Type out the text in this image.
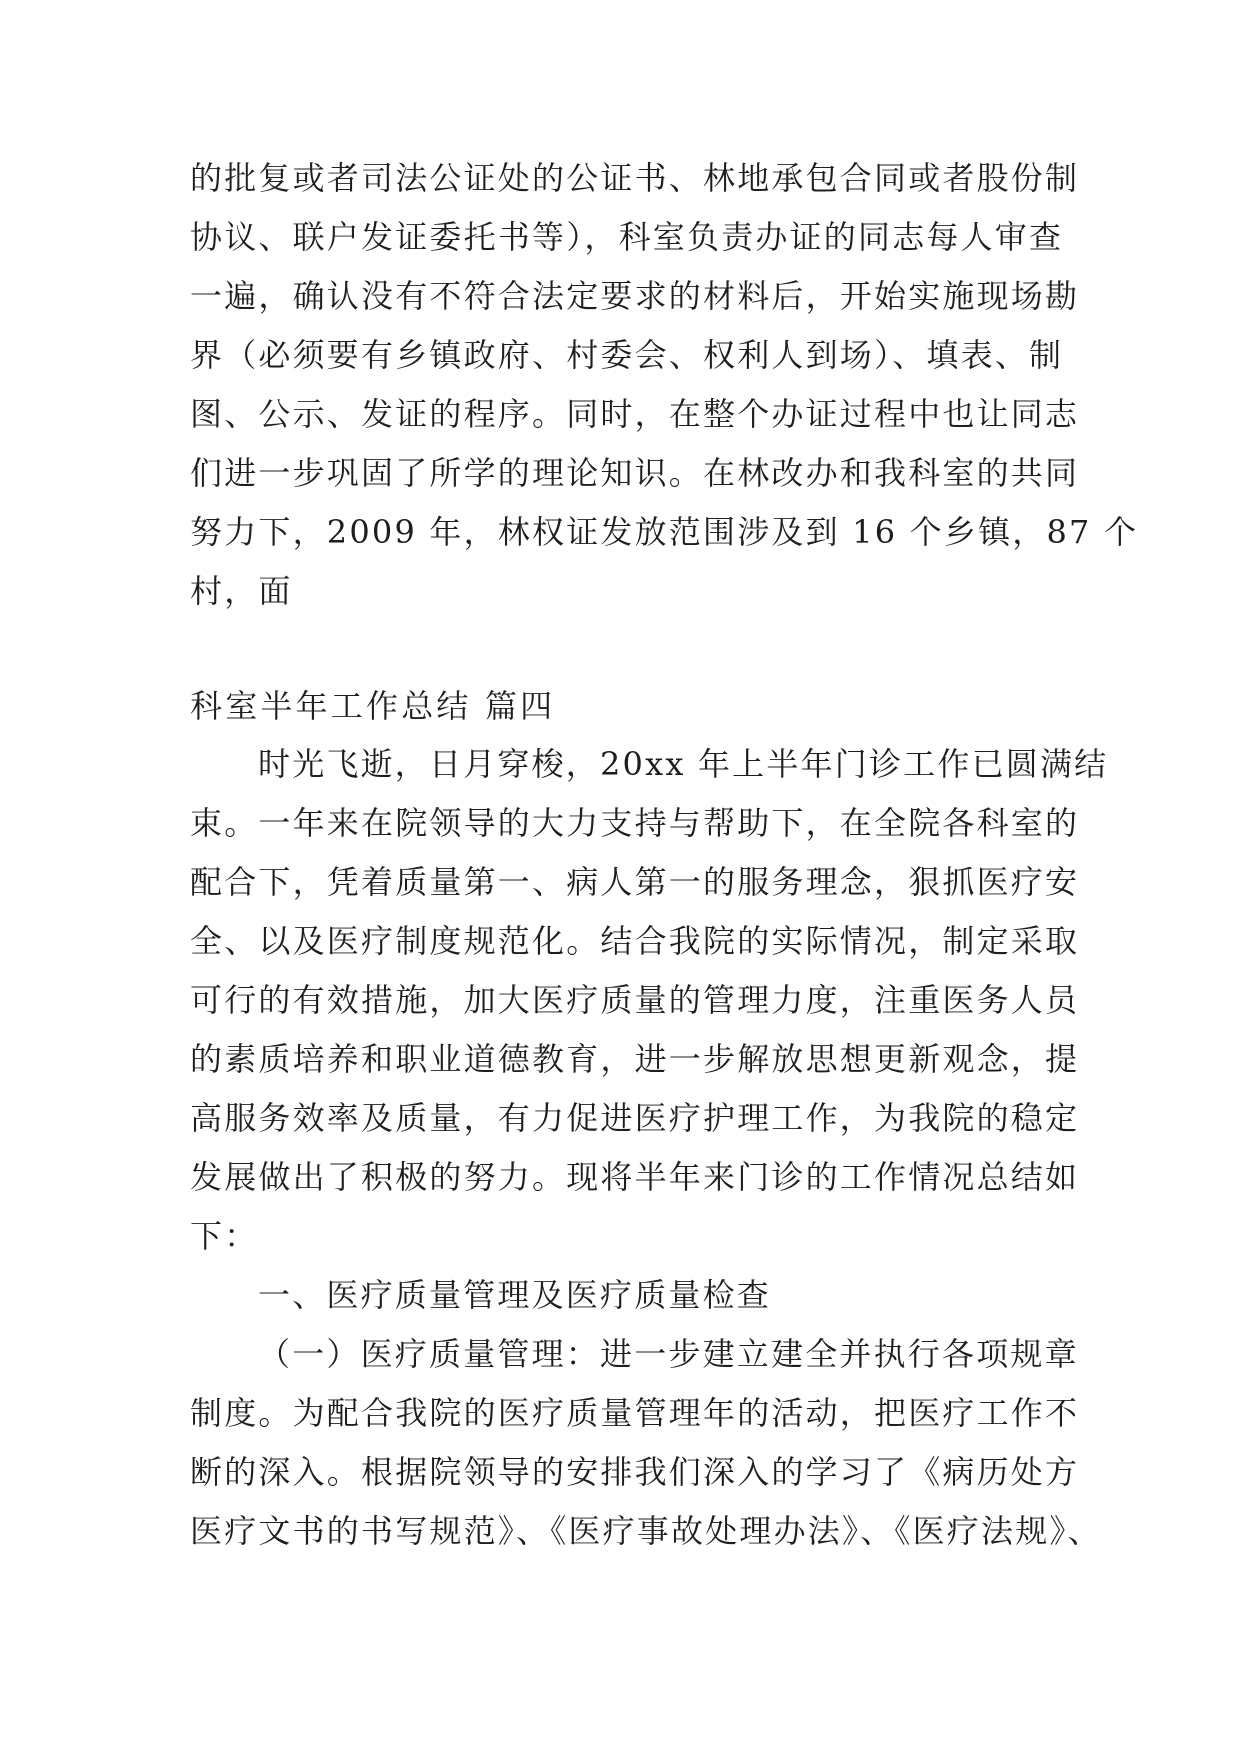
的批复或者司法公证处的公证书、林地承包合同或者股份制
协议、联户发证委托书等），科室负责办证的同志每人审查
一遍，确认没有不符合法定要求的材料后，开始实施现场勘
界（必须要有乡镇政府、村委会、权利人到场）、填表、制
图、公示、发证的程序。同时，在整个办证过程中也让同志
们进一步巩固了所学的理论知识。在林改办和我科室的共同
努力下，2009 年，林权证发放范围涉及到 16 个乡镇，87 个
村，面
科室半年工作总结 篇四
时光飞逝，日月穿梭，20xx 年上半年门诊工作已圆满结
束。一年来在院领导的大力支持与帮助下，在全院各科室的
配合下，凭着质量第一、病人第一的服务理念，狠抓医疗安
全、以及医疗制度规范化。结合我院的实际情况，制定采取
可行的有效措施，加大医疗质量的管理力度，注重医务人员
的素质培养和职业道德教育，进一步解放思想更新观念，提
高服务效率及质量，有力促进医疗护理工作，为我院的稳定
发展做出了积极的努力。现将半年来门诊的工作情况总结如
下：
一、医疗质量管理及医疗质量检查
（一）医疗质量管理：进一步建立建全并执行各项规章
制度。为配合我院的医疗质量管理年的活动，把医疗工作不
断的深入。根据院领导的安排我们深入的学习了《病历处方
医疗文书的书写规范》、《医疗事故处理办法》、《医疗法规》、
